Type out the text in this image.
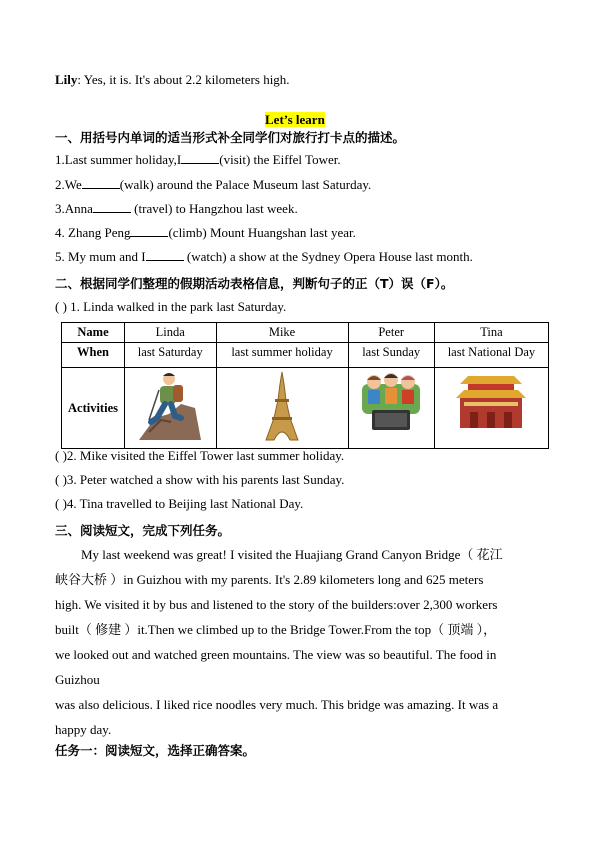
Lily: Yes, it is. It's about 2.2 kilometers high.
Let’s learn
一、用括号内单词的适当形式补全同学们对旅行打卡点的描述。
1.Last summer holiday,I	(visit) the Eiffel Tower.
2.We	(walk) around the Palace Museum last Saturday.
3.Anna	(travel) to Hangzhou last week.
4. Zhang Peng	(climb) Mount Huangshan last year.
5. My mum and I	(watch) a show at the Sydney Opera House last month.
二、根据同学们整理的假期活动表格信息，判断句子的正（T）误（F）。
( ) 1. Linda walked in the park last Saturday.
Name	Linda	Mike	Peter	Tina
When	last Saturday	last summer holiday	last Sunday	last National Day
Activities				
( )2. Mike visited the Eiffel Tower last summer holiday.
( )3. Peter watched a show with his parents last Sunday.
( )4. Tina travelled to Beijing last National Day.
三、阅读短文，完成下列任务。
My last weekend was great! I visited the Huajiang Grand Canyon Bridge（ 花江
峡谷大桥 ）in Guizhou with my parents. It's 2.89 kilometers long and 625 meters
high. We visited it by bus and listened to the story of the builders:over 2,300 workers
built（ 修建 ）it.Then we climbed up to the Bridge Tower.From the top（ 顶端 ），
we looked out and watched green mountains. The view was so beautiful. The food in
Guizhou
was also delicious. I liked rice noodles very much. This bridge was amazing. It was a
happy day.
任务一：阅读短文，选择正确答案。
